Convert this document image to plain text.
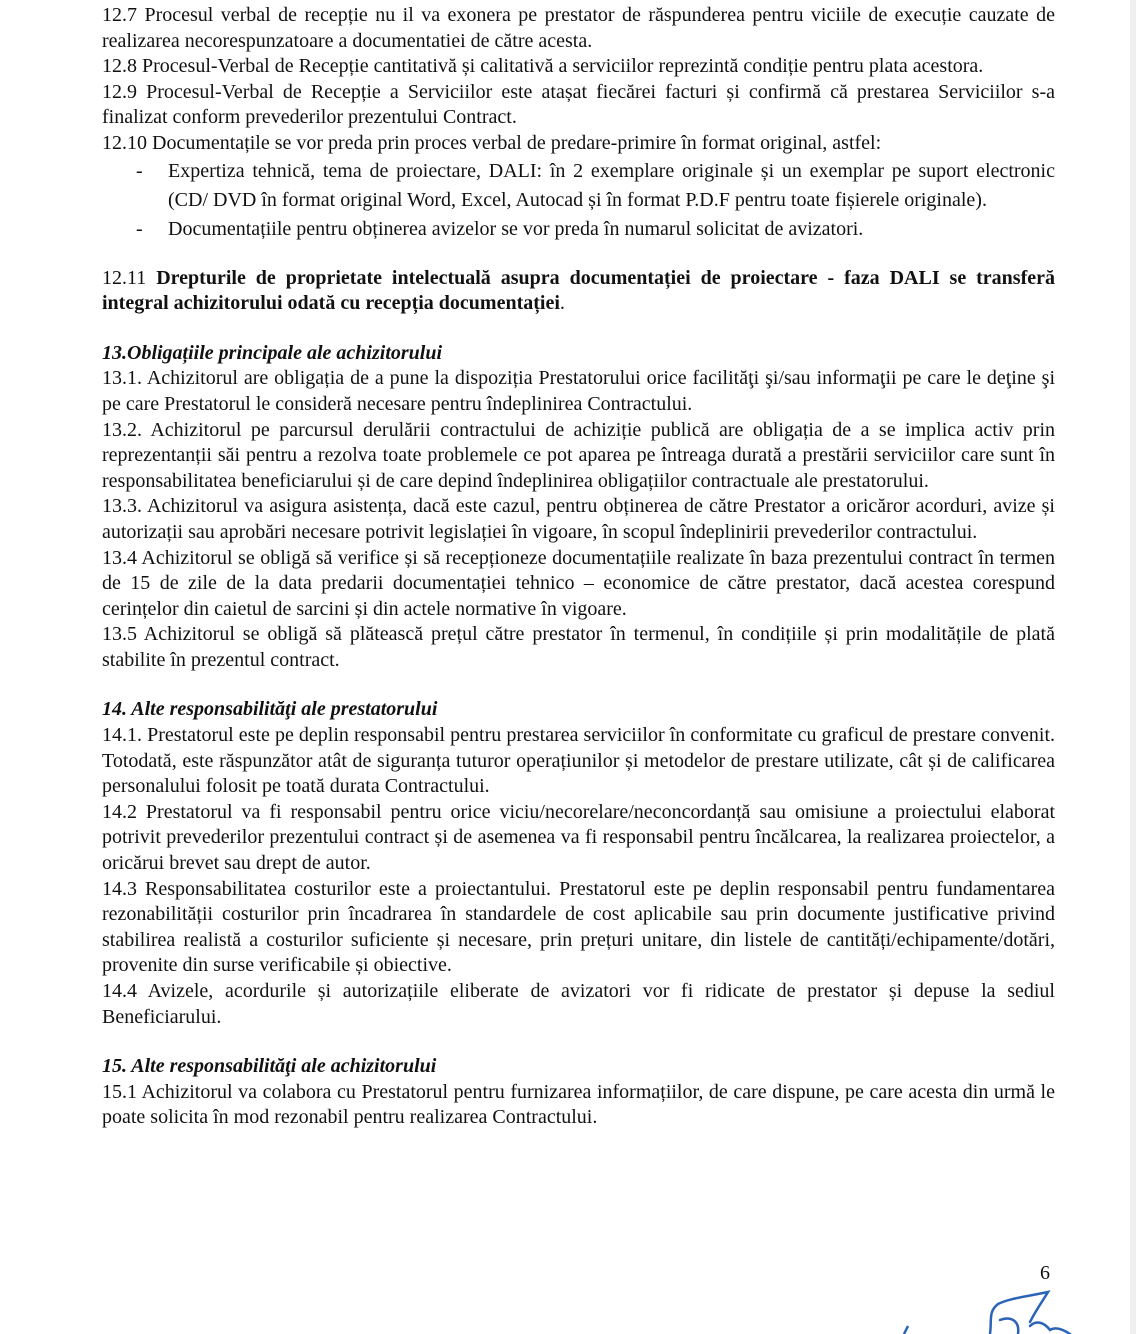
12.7 Procesul verbal de recepție nu il va exonera pe prestator de răspunderea pentru viciile de execuție cauzate de realizarea necorespunzatoare a documentatiei de către acesta.

12.8 Procesul-Verbal de Recepție cantitativă și calitativă a serviciilor reprezintă condiție pentru plata acestora.

12.9 Procesul-Verbal de Recepție a Serviciilor este atașat fiecărei facturi și confirmă că prestarea Serviciilor s-a finalizat conform prevederilor prezentului Contract.

12.10 Documentațile se vor preda prin proces verbal de predare-primire în format original, astfel:

- Expertiza tehnică, tema de proiectare, DALI: în 2 exemplare originale și un exemplar pe suport electronic (CD/ DVD în format original Word, Excel, Autocad și în format P.D.F pentru toate fișierele originale).
- Documentațiile pentru obținerea avizelor se vor preda în numarul solicitat de avizatori.

12.11 Drepturile de proprietate intelectuală asupra documentației de proiectare - faza DALI se transferă integral achizitorului odată cu recepția documentației.

13.Obligațiile principale ale achizitorului

13.1. Achizitorul are obligația de a pune la dispoziția Prestatorului orice facilităţi şi/sau informaţii pe care le deţine şi pe care Prestatorul le consideră necesare pentru îndeplinirea Contractului.

13.2. Achizitorul pe parcursul derulării contractului de achiziție publică are obligația de a se implica activ prin reprezentanții săi pentru a rezolva toate problemele ce pot aparea pe întreaga durată a prestării serviciilor care sunt în responsabilitatea beneficiarului și de care depind îndeplinirea obligațiilor contractuale ale prestatorului.

13.3. Achizitorul va asigura asistența, dacă este cazul, pentru obținerea de către Prestator a oricăror acorduri, avize și autorizații sau aprobări necesare potrivit legislației în vigoare, în scopul îndeplinirii prevederilor contractului.

13.4 Achizitorul se obligă să verifice și să recepționeze documentațiile realizate în baza prezentului contract în termen de 15 de zile de la data predarii documentației tehnico – economice de către prestator, dacă acestea corespund cerințelor din caietul de sarcini și din actele normative în vigoare.

13.5 Achizitorul se obligă să plătească prețul către prestator în termenul, în condițiile și prin modalitățile de plată stabilite în prezentul contract.

14. Alte responsabilităţi ale prestatorului

14.1. Prestatorul este pe deplin responsabil pentru prestarea serviciilor în conformitate cu graficul de prestare convenit. Totodată, este răspunzător atât de siguranța tuturor operațiunilor și metodelor de prestare utilizate, cât și de calificarea personalului folosit pe toată durata Contractului.

14.2 Prestatorul va fi responsabil pentru orice viciu/necorelare/neconcordanță sau omisiune a proiectului elaborat potrivit prevederilor prezentului contract și de asemenea va fi responsabil pentru încălcarea, la realizarea proiectelor, a oricărui brevet sau drept de autor.

14.3 Responsabilitatea costurilor este a proiectantului. Prestatorul este pe deplin responsabil pentru fundamentarea rezonabilității costurilor prin încadrarea în standardele de cost aplicabile sau prin documente justificative privind stabilirea realistă a costurilor suficiente și necesare, prin prețuri unitare, din listele de cantități/echipamente/dotări, provenite din surse verificabile și obiective.

14.4 Avizele, acordurile și autorizațiile eliberate de avizatori vor fi ridicate de prestator și depuse la sediul Beneficiarului.

15. Alte responsabilităţi ale achizitorului

15.1 Achizitorul va colabora cu Prestatorul pentru furnizarea informațiilor, de care dispune, pe care acesta din urmă le poate solicita în mod rezonabil pentru realizarea Contractului.

6
